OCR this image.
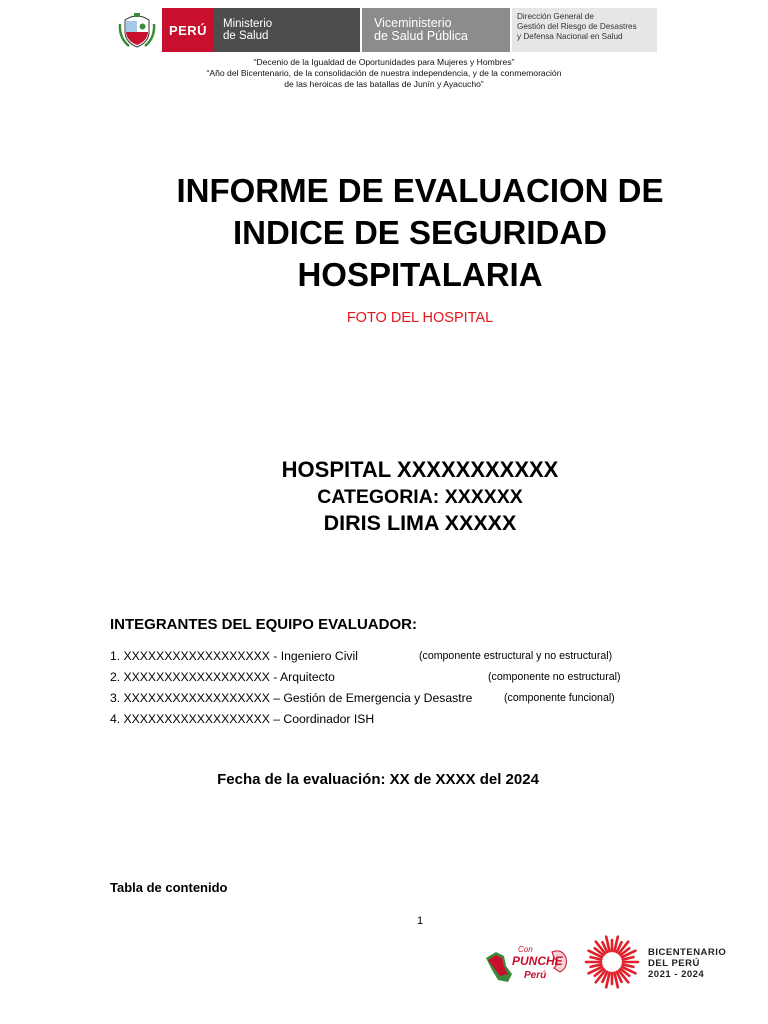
PERÚ Ministerio
de Salud
Viceministerio
de Salud Pública
Dirección General de
Gestión del Riesgo de Desastres
y Defensa Nacional en Salud
“Decenio de la Igualdad de Oportunidades para Mujeres y Hombres”
“Año del Bicentenario, de la consolidación de nuestra independencia, y de la conmemoración
de las heroicas de las batallas de Junín y Ayacucho”
INFORME DE EVALUACION DE
INDICE DE SEGURIDAD
HOSPITALARIA
FOTO DEL HOSPITAL
HOSPITAL XXXXXXXXXXX
CATEGORIA: XXXXXX
DIRIS LIMA XXXXX
INTEGRANTES DEL EQUIPO EVALUADOR:
1. XXXXXXXXXXXXXXXXXX - Ingeniero Civil	(componente estructural y no estructural)
2. XXXXXXXXXXXXXXXXXX - Arquitecto	(componente no estructural)
3. XXXXXXXXXXXXXXXXXX – Gestión de Emergencia y Desastre	(componente funcional)
4. XXXXXXXXXXXXXXXXXX – Coordinador ISH
Fecha de la evaluación: XX de XXXX del 2024
Tabla de contenido
1
Con
PUNCHE
Perú
BICENTENARIO
DEL PERÚ
2021 - 2024
